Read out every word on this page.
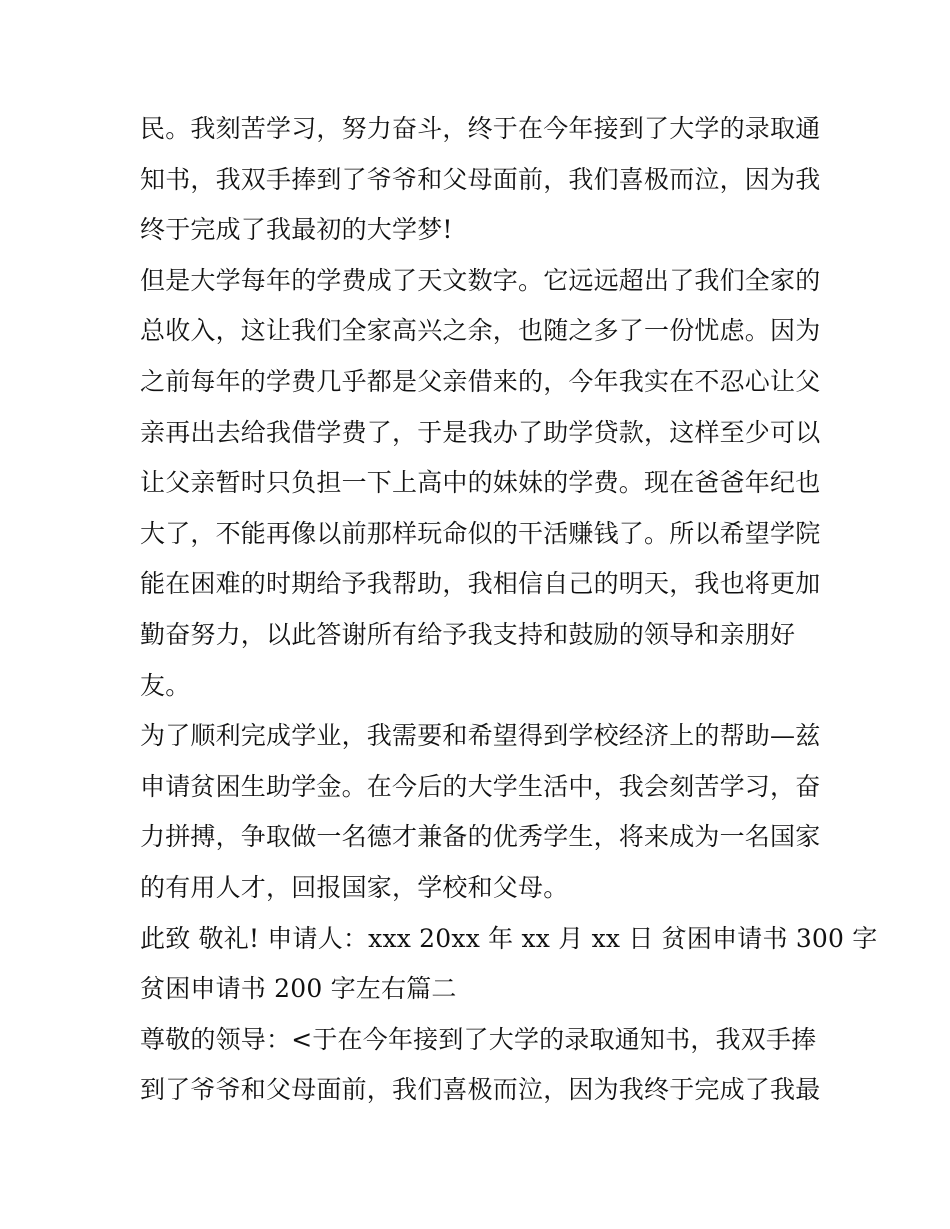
民。我刻苦学习，努力奋斗，终于在今年接到了大学的录取通
知书，我双手捧到了爷爷和父母面前，我们喜极而泣，因为我
终于完成了我最初的大学梦!
但是大学每年的学费成了天文数字。它远远超出了我们全家的
总收入，这让我们全家高兴之余，也随之多了一份忧虑。因为
之前每年的学费几乎都是父亲借来的，今年我实在不忍心让父
亲再出去给我借学费了，于是我办了助学贷款，这样至少可以
让父亲暂时只负担一下上高中的妹妹的学费。现在爸爸年纪也
大了，不能再像以前那样玩命似的干活赚钱了。所以希望学院
能在困难的时期给予我帮助，我相信自己的明天，我也将更加
勤奋努力，以此答谢所有给予我支持和鼓励的领导和亲朋好
友。
为了顺利完成学业，我需要和希望得到学校经济上的帮助—兹
申请贫困生助学金。在今后的大学生活中，我会刻苦学习，奋
力拼搏，争取做一名德才兼备的优秀学生，将来成为一名国家
的有用人才，回报国家，学校和父母。
此致 敬礼! 申请人：xxx 20xx 年 xx 月 xx 日 贫困申请书 300 字
贫困申请书 200 字左右篇二
尊敬的领导：<于在今年接到了大学的录取通知书，我双手捧
到了爷爷和父母面前，我们喜极而泣，因为我终于完成了我最
